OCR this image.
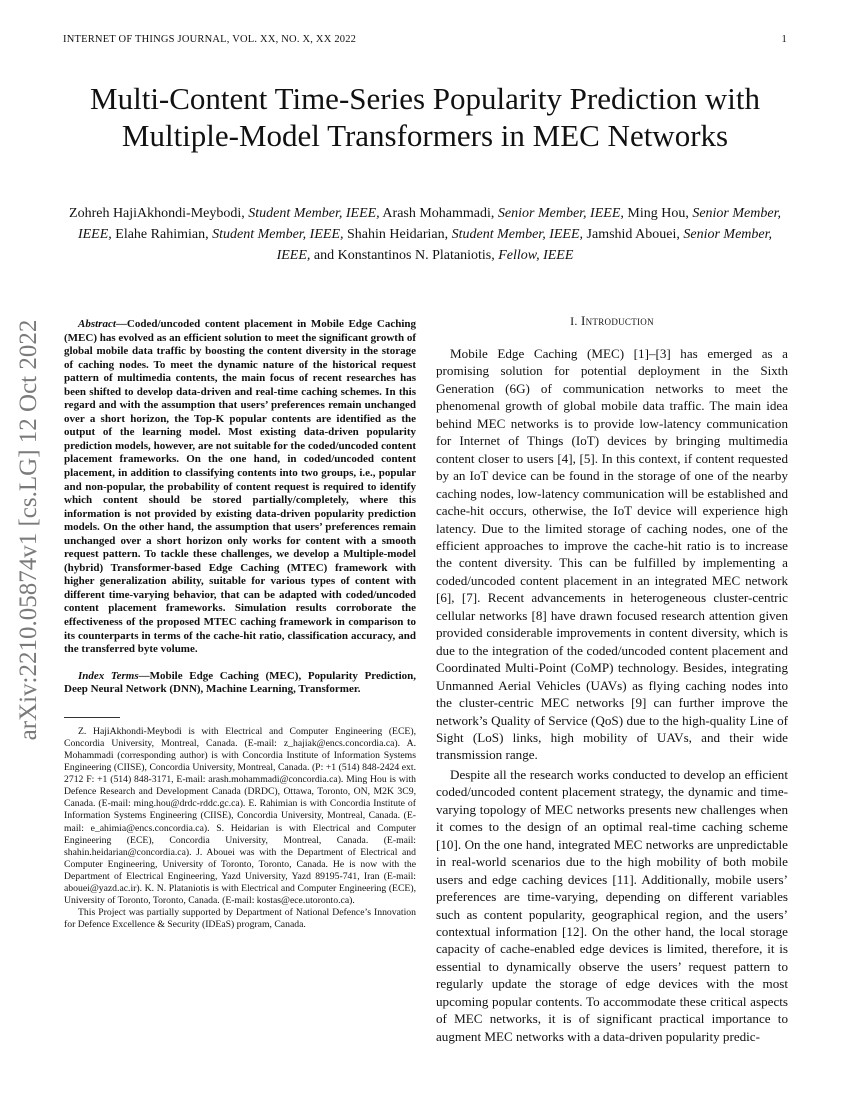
INTERNET OF THINGS JOURNAL, VOL. XX, NO. X, XX 2022	1
Multi-Content Time-Series Popularity Prediction with Multiple-Model Transformers in MEC Networks
Zohreh HajiAkhondi-Meybodi, Student Member, IEEE, Arash Mohammadi, Senior Member, IEEE, Ming Hou, Senior Member, IEEE, Elahe Rahimian, Student Member, IEEE, Shahin Heidarian, Student Member, IEEE, Jamshid Abouei, Senior Member, IEEE, and Konstantinos N. Plataniotis, Fellow, IEEE
arXiv:2210.05874v1 [cs.LG] 12 Oct 2022	Abstract—Coded/uncoded content placement in Mobile Edge Caching (MEC) has evolved as an efficient solution to meet the significant growth of global mobile data traffic by boosting the content diversity in the storage of caching nodes. To meet the dynamic nature of the historical request pattern of multimedia contents, the main focus of recent researches has been shifted to develop data-driven and real-time caching schemes. In this regard and with the assumption that users’ preferences remain unchanged over a short horizon, the Top-K popular contents are identified as the output of the learning model. Most existing data-driven popularity prediction models, however, are not suitable for the coded/uncoded content placement frameworks. On the one hand, in coded/uncoded content placement, in addition to classifying contents into two groups, i.e., popular and non-popular, the probability of content request is required to identify which content should be stored partially/completely, where this information is not provided by existing data-driven popularity prediction models. On the other hand, the assumption that users’ preferences remain unchanged over a short horizon only works for content with a smooth request pattern. To tackle these challenges, we develop a Multiple-model (hybrid) Transformer-based Edge Caching (MTEC) framework with higher generalization ability, suitable for various types of content with different time-varying behavior, that can be adapted with coded/uncoded content placement frameworks. Simulation results corroborate the effectiveness of the proposed MTEC caching framework in comparison to its counterparts in terms of the cache-hit ratio, classification accuracy, and the transferred byte volume.

Index Terms—Mobile Edge Caching (MEC), Popularity Prediction, Deep Neural Network (DNN), Machine Learning, Transformer.
Z. HajiAkhondi-Meybodi is with Electrical and Computer Engineering (ECE), Concordia University, Montreal, Canada. (E-mail: z_hajiak@encs.concordia.ca). A. Mohammadi (corresponding author) is with Concordia Institute of Information Systems Engineering (CIISE), Concordia University, Montreal, Canada. (P: +1 (514) 848-2424 ext. 2712 F: +1 (514) 848-3171, E-mail: arash.mohammadi@concordia.ca). Ming Hou is with Defence Research and Development Canada (DRDC), Ottawa, Toronto, ON, M2K 3C9, Canada. (E-mail: ming.hou@drdc-rddc.gc.ca). E. Rahimian is with Concordia Institute of Information Systems Engineering (CIISE), Concordia University, Montreal, Canada. (E-mail: e_ahimia@encs.concordia.ca). S. Heidarian is with Electrical and Computer Engineering (ECE), Concordia University, Montreal, Canada. (E-mail: shahin.heidarian@concordia.ca). J. Abouei was with the Department of Electrical and Computer Engineering, University of Toronto, Toronto, Canada. He is now with the Department of Electrical Engineering, Yazd University, Yazd 89195-741, Iran (E-mail: abouei@yazd.ac.ir). K. N. Plataniotis is with Electrical and Computer Engineering (ECE), University of Toronto, Toronto, Canada. (E-mail: kostas@ece.utoronto.ca).
This Project was partially supported by Department of National Defence’s Innovation for Defence Excellence & Security (IDEaS) program, Canada.
I. Introduction

Mobile Edge Caching (MEC) [1]–[3] has emerged as a promising solution for potential deployment in the Sixth Generation (6G) of communication networks to meet the phenomenal growth of global mobile data traffic. The main idea behind MEC networks is to provide low-latency communication for Internet of Things (IoT) devices by bringing multimedia content closer to users [4], [5]. In this context, if content requested by an IoT device can be found in the storage of one of the nearby caching nodes, low-latency communication will be established and cache-hit occurs, otherwise, the IoT device will experience high latency. Due to the limited storage of caching nodes, one of the efficient approaches to improve the cache-hit ratio is to increase the content diversity. This can be fulfilled by implementing a coded/uncoded content placement in an integrated MEC network [6], [7]. Recent advancements in heterogeneous cluster-centric cellular networks [8] have drawn focused research attention given provided considerable improvements in content diversity, which is due to the integration of the coded/uncoded content placement and Coordinated Multi-Point (CoMP) technology. Besides, integrating Unmanned Aerial Vehicles (UAVs) as flying caching nodes into the cluster-centric MEC networks [9] can further improve the network’s Quality of Service (QoS) due to the high-quality Line of Sight (LoS) links, high mobility of UAVs, and their wide transmission range.

Despite all the research works conducted to develop an efficient coded/uncoded content placement strategy, the dynamic and time-varying topology of MEC networks presents new challenges when it comes to the design of an optimal real-time caching scheme [10]. On the one hand, integrated MEC networks are unpredictable in real-world scenarios due to the high mobility of both mobile users and edge caching devices [11]. Additionally, mobile users’ preferences are time-varying, depending on different variables such as content popularity, geographical region, and the users’ contextual information [12]. On the other hand, the local storage capacity of cache-enabled edge devices is limited, therefore, it is essential to dynamically observe the users’ request pattern to regularly update the storage of edge devices with the most upcoming popular contents. To accommodate these critical aspects of MEC networks, it is of significant practical importance to augment MEC networks with a data-driven popularity predic-
